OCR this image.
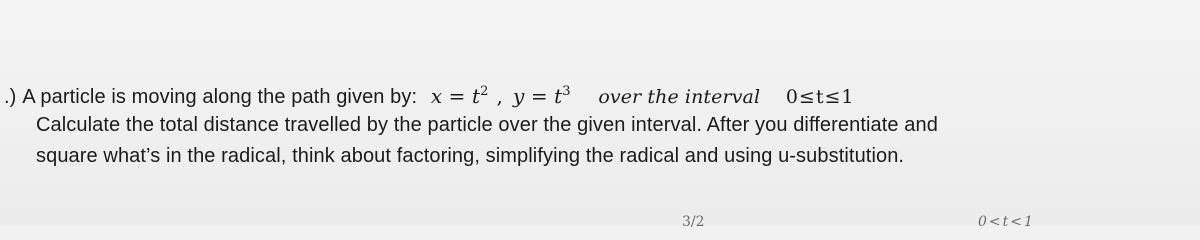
.) A particle is moving along the path given by: $x = t^2$ , $y = t^3$ over the interval 0≤t≤1
Calculate the total distance travelled by the particle over the given interval. After you differentiate and
square what’s in the radical, think about factoring, simplifying the radical and using u-substitution.
3/2	0<t<1
